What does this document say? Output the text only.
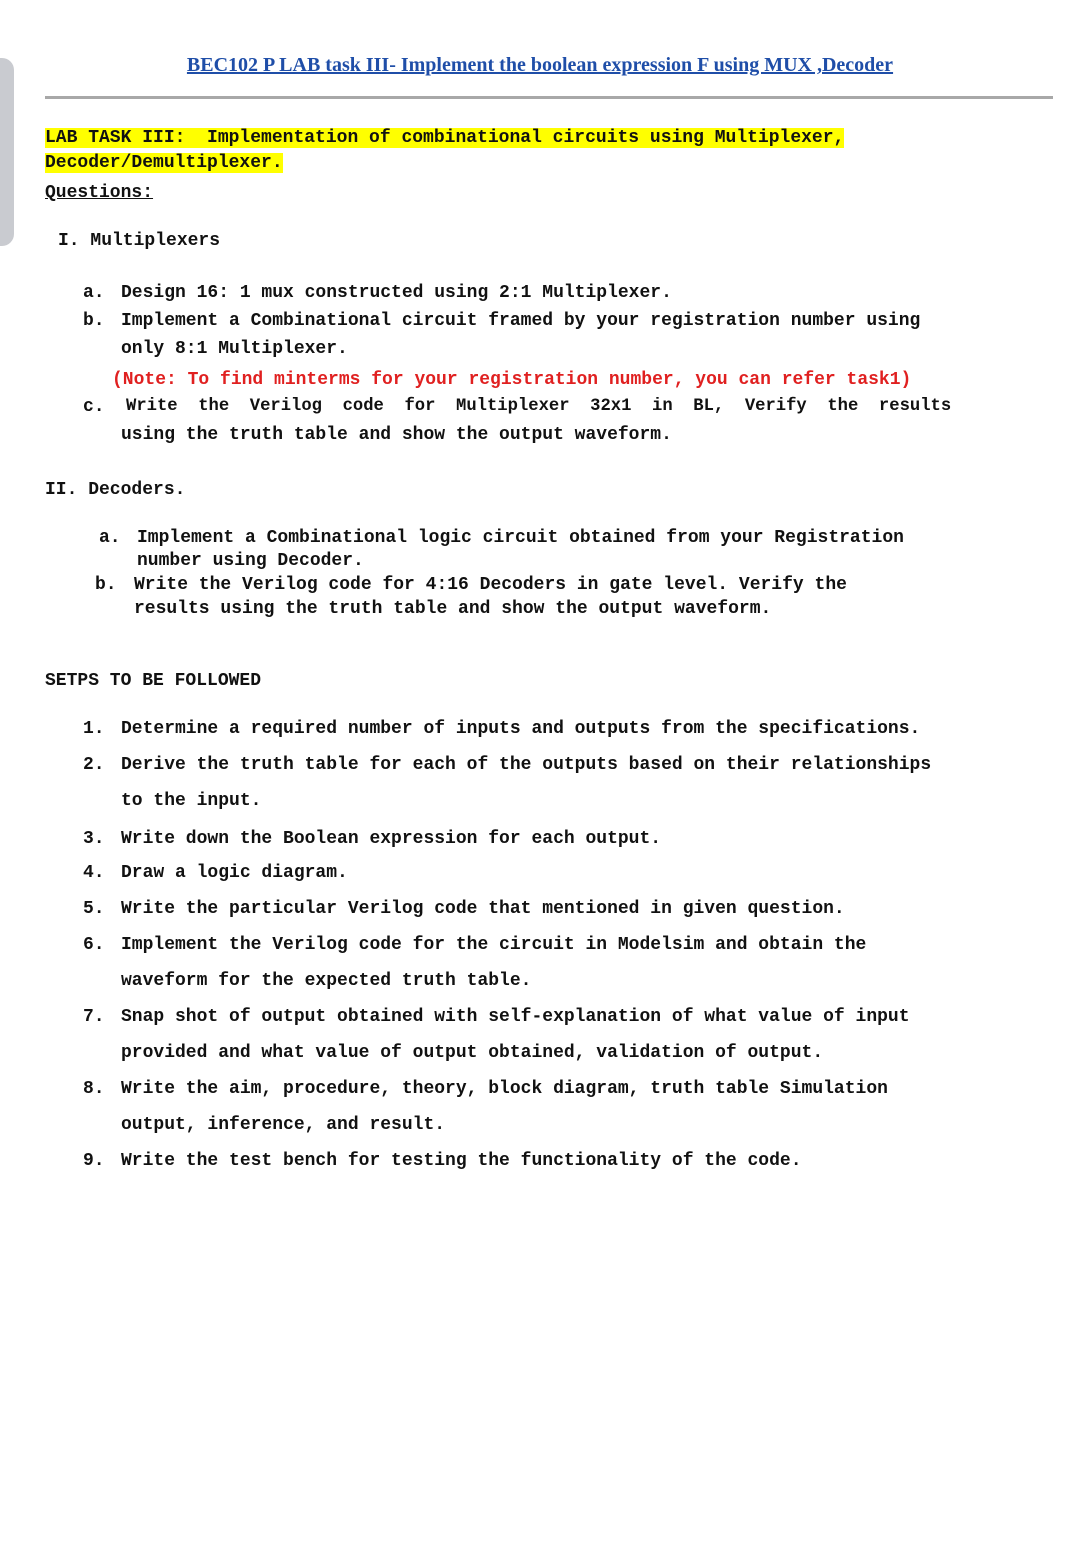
BEC102 P LAB task III- Implement the boolean expression F using MUX ,Decoder
LAB TASK III:  Implementation of combinational circuits using Multiplexer,
Decoder/Demultiplexer.
Questions:
I. Multiplexers
a. Design 16: 1 mux constructed using 2:1 Multiplexer.
b. Implement a Combinational circuit framed by your registration number using
only 8:1 Multiplexer.
(Note: To find minterms for your registration number, you can refer task1)
c. Write  the  Verilog  code  for  Multiplexer  32x1  in  BL,  Verify  the  results
using the truth table and show the output waveform.
II. Decoders.
a. Implement a Combinational logic circuit obtained from your Registration
number using Decoder.
b. Write the Verilog code for 4:16 Decoders in gate level. Verify the
results using the truth table and show the output waveform.
SETPS TO BE FOLLOWED
1. Determine a required number of inputs and outputs from the specifications.
2. Derive the truth table for each of the outputs based on their relationships
to the input.
3. Write down the Boolean expression for each output.
4. Draw a logic diagram.
5. Write the particular Verilog code that mentioned in given question.
6. Implement the Verilog code for the circuit in Modelsim and obtain the
waveform for the expected truth table.
7. Snap shot of output obtained with self-explanation of what value of input
provided and what value of output obtained, validation of output.
8. Write the aim, procedure, theory, block diagram, truth table Simulation
output, inference, and result.
9. Write the test bench for testing the functionality of the code.
